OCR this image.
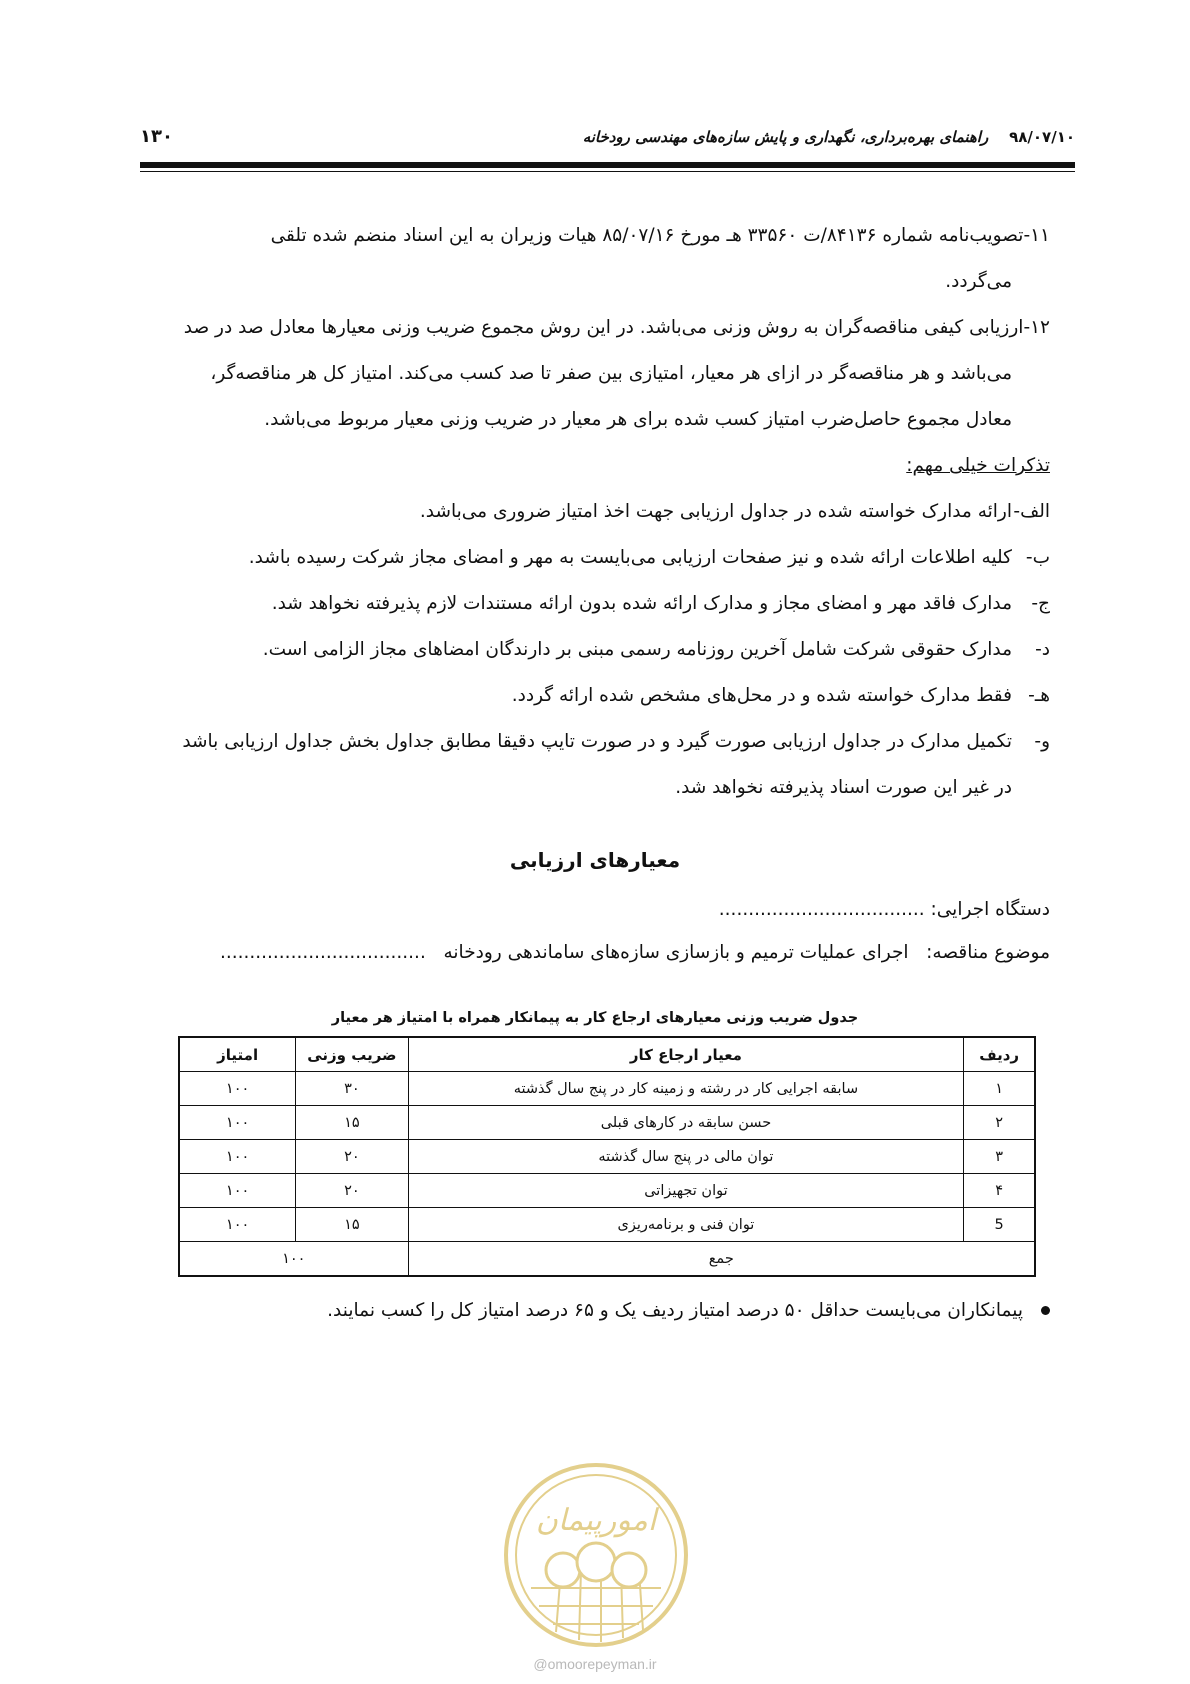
۹۸/۰۷/۱۰    راهنمای بهره‌برداری، نگهداری و پایش سازه‌های مهندسی رودخانه
۱۳۰

۱۱-تصویب‌نامه شماره ۸۴۱۳۶/ت ۳۳۵۶۰ هـ مورخ ۸۵/۰۷/۱۶ هیات وزیران به این اسناد منضم شده تلقی
می‌گردد.

۱۲-ارزیابی کیفی مناقصه‌گران به روش وزنی می‌باشد. در این روش مجموع ضریب وزنی معیارها معادل صد در صد
می‌باشد و هر مناقصه‌گر در ازای هر معیار، امتیازی بین صفر تا صد کسب می‌کند. امتیاز کل هر مناقصه‌گر،
معادل مجموع حاصل‌ضرب امتیاز کسب شده برای هر معیار در ضریب وزنی معیار مربوط می‌باشد.

تذکرات خیلی مهم:

الف-
ارائه مدارک خواسته شده در جداول ارزیابی جهت اخذ امتیاز ضروری می‌باشد.
ب-
کلیه اطلاعات ارائه شده و نیز صفحات ارزیابی می‌بایست به مهر و امضای مجاز شرکت رسیده باشد.
ج-
مدارک فاقد مهر و امضای مجاز و مدارک ارائه شده بدون ارائه مستندات لازم پذیرفته نخواهد شد.
د-
مدارک حقوقی شرکت شامل آخرین روزنامه رسمی مبنی بر دارندگان امضاهای مجاز الزامی است.
هـ-
فقط مدارک خواسته شده و در محل‌های مشخص شده ارائه گردد.
و-
تکمیل مدارک در جداول ارزیابی صورت گیرد و در صورت تایپ دقیقا مطابق جداول بخش جداول ارزیابی باشد
در غیر این صورت اسناد پذیرفته نخواهد شد.
معیارهای ارزیابی
دستگاه اجرایی: ...................................
موضوع مناقصه:   اجرای عملیات ترمیم و بازسازی سازه‌های ساماندهی رودخانه   ...................................
جدول ضریب وزنی معیارهای ارجاع کار به پیمانکار همراه با امتیاز هر معیار
ردیف	معیار ارجاع کار	ضریب وزنی	امتیاز
۱	سابقه اجرایی کار در رشته و زمینه کار در پنج سال گذشته	۳۰	۱۰۰
۲	حسن سابقه در کارهای قبلی	۱۵	۱۰۰
۳	توان مالی در پنج سال گذشته	۲۰	۱۰۰
۴	توان تجهیزاتی	۲۰	۱۰۰
5	توان فنی و برنامه‌ریزی	۱۵	۱۰۰
جمع		۱۰۰	
پیمانکاران می‌بایست حداقل ۵۰ درصد امتیاز ردیف یک و ۶۵ درصد امتیاز کل را کسب نمایند.
امورپیمان
@omoorepeyman.ir
